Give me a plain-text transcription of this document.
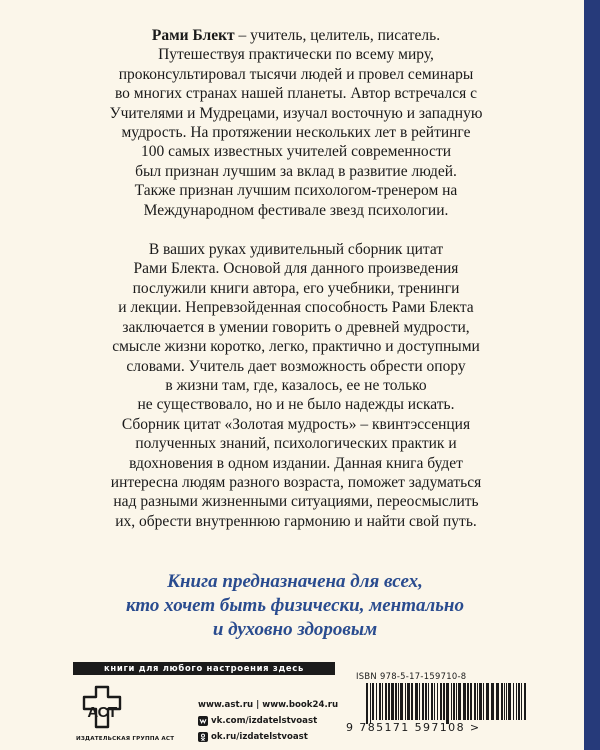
Рами Блект – учитель, целитель, писатель.
Путешествуя практически по всему миру,
проконсультировал тысячи людей и провел семинары
во многих странах нашей планеты. Автор встречался с
Учителями и Мудрецами, изучал восточную и западную
мудрость. На протяжении нескольких лет в рейтинге
100 самых известных учителей современности
был признан лучшим за вклад в развитие людей.
Также признан лучшим психологом-тренером на
Международном фестивале звезд психологии.

В ваших руках удивительный сборник цитат
Рами Блекта. Основой для данного произведения
послужили книги автора, его учебники, тренинги
и лекции. Непревзойденная способность Рами Блекта
заключается в умении говорить о древней мудрости,
смысле жизни коротко, легко, практично и доступными
словами. Учитель дает возможность обрести опору
в жизни там, где, казалось, ее не только
не существовало, но и не было надежды искать.
Сборник цитат «Золотая мудрость» – квинтэссенция
полученных знаний, психологических практик и
вдохновения в одном издании. Данная книга будет
интересна людям разного возраста, поможет задуматься
над разными жизненными ситуациями, переосмыслить
их, обрести внутреннюю гармонию и найти свой путь.

Книга предназначена для всех,
кто хочет быть физически, ментально
и духовно здоровым
книги для любого настроения здесь
ACT
ИЗДАТЕЛЬСКАЯ ГРУППА АСТ
www.ast.ru | www.book24.ru
vk.com/izdatelstvoast
ok.ru/izdatelstvoast
ISBN 978-5-17-159710-8
9 785171 597108 >
